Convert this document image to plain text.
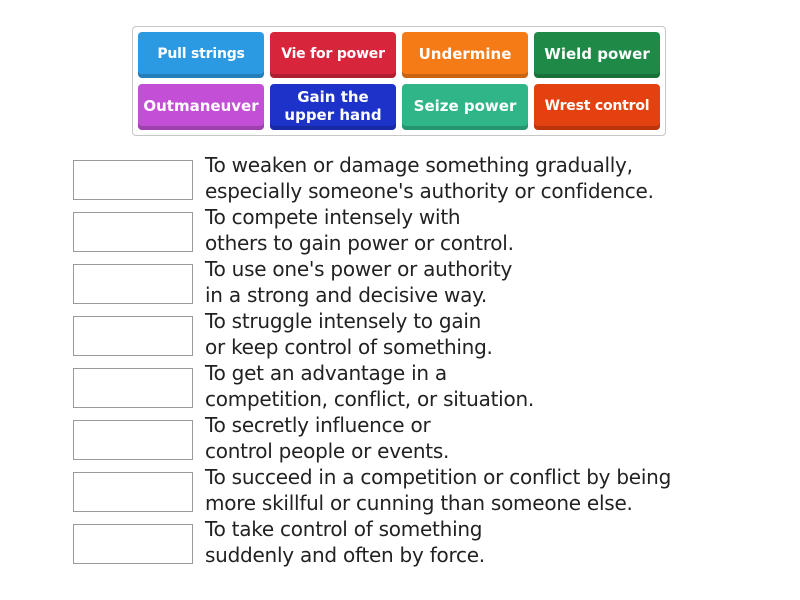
Pull strings	Vie for power	Undermine	Wield power
Outmaneuver	Gain the
upper hand	Seize power	Wrest control
To weaken or damage something gradually,
especially someone's authority or confidence.
To compete intensely with
others to gain power or control.
To use one's power or authority
in a strong and decisive way.
To struggle intensely to gain
or keep control of something.
To get an advantage in a
competition, conflict, or situation.
To secretly influence or
control people or events.
To succeed in a competition or conflict by being
more skillful or cunning than someone else.
To take control of something
suddenly and often by force.
